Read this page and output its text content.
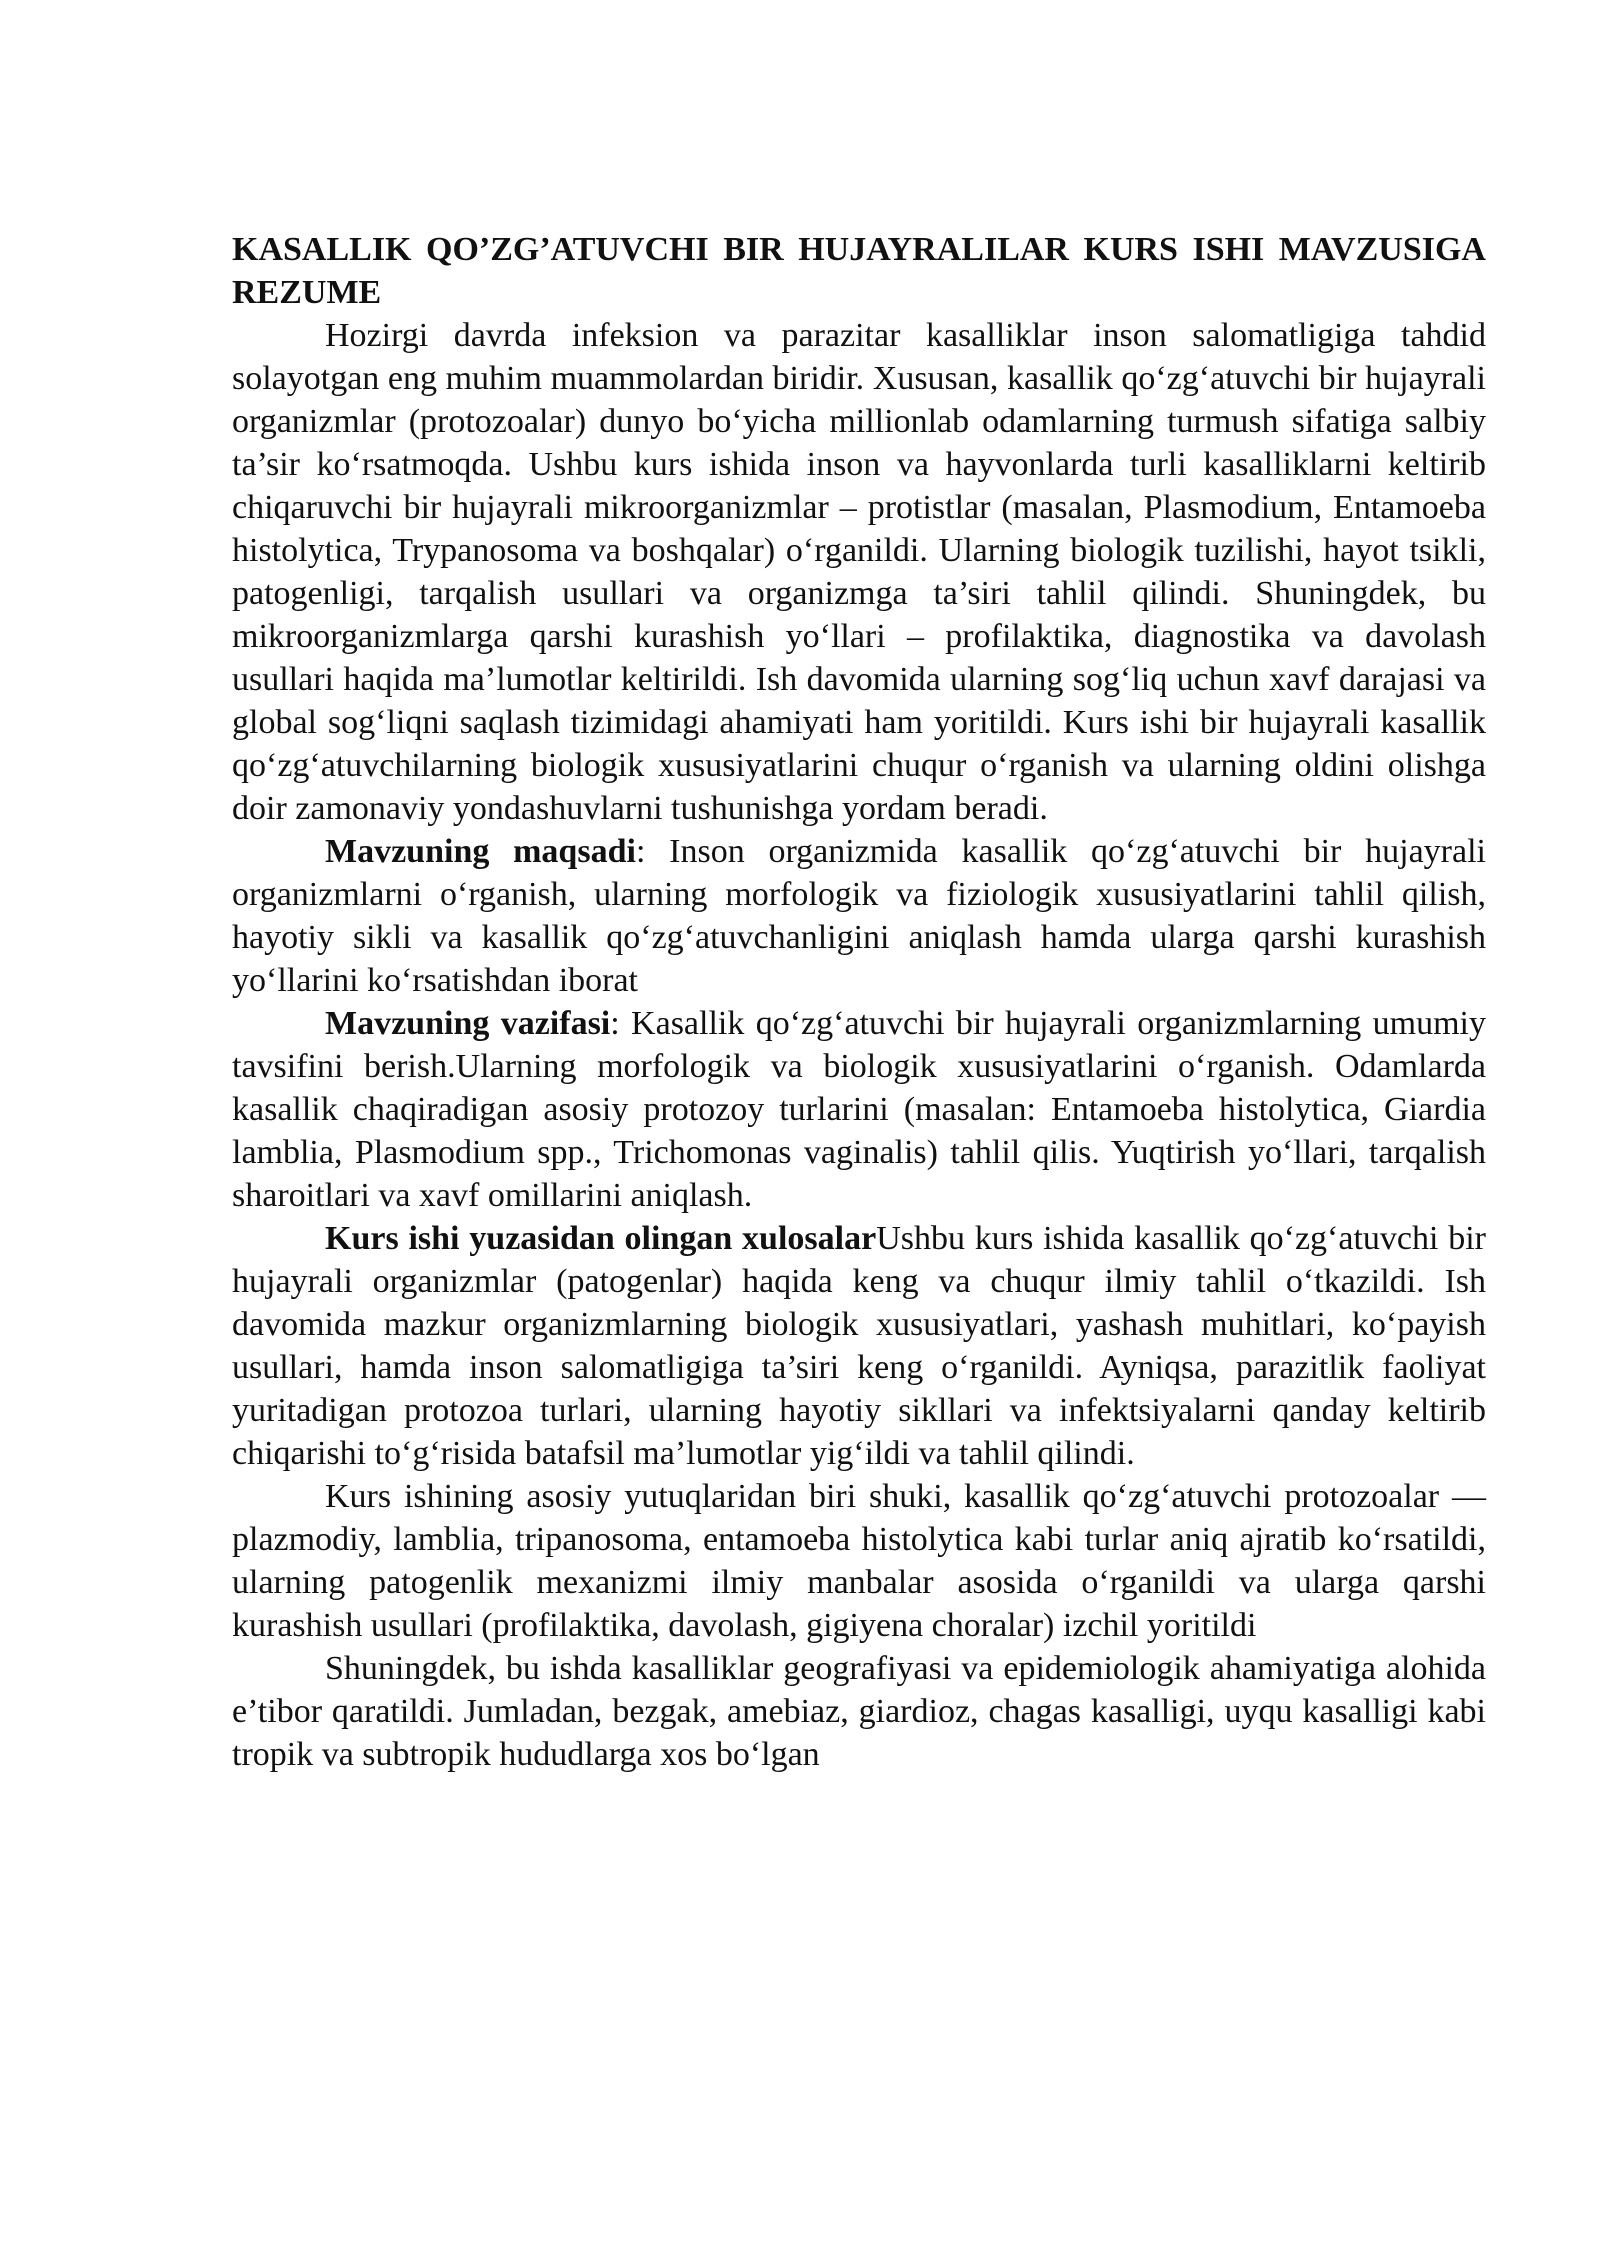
KASALLIK QO’ZG’ATUVCHI BIR HUJAYRALILAR KURS ISHI MAVZUSIGA REZUME

Hozirgi davrda infeksion va parazitar kasalliklar inson salomatligiga tahdid solayotgan eng muhim muammolardan biridir. Xususan, kasallik qo‘zg‘atuvchi bir hujayrali organizmlar (protozoalar) dunyo bo‘yicha millionlab odamlarning turmush sifatiga salbiy ta’sir ko‘rsatmoqda. Ushbu kurs ishida inson va hayvonlarda turli kasalliklarni keltirib chiqaruvchi bir hujayrali mikroorganizmlar – protistlar (masalan, Plasmodium, Entamoeba histolytica, Trypanosoma va boshqalar) o‘rganildi. Ularning biologik tuzilishi, hayot tsikli, patogenligi, tarqalish usullari va organizmga ta’siri tahlil qilindi. Shuningdek, bu mikroorganizmlarga qarshi kurashish yo‘llari – profilaktika, diagnostika va davolash usullari haqida ma’lumotlar keltirildi. Ish davomida ularning sog‘liq uchun xavf darajasi va global sog‘liqni saqlash tizimidagi ahamiyati ham yoritildi. Kurs ishi bir hujayrali kasallik qo‘zg‘atuvchilarning biologik xususiyatlarini chuqur o‘rganish va ularning oldini olishga doir zamonaviy yondashuvlarni tushunishga yordam beradi.

Mavzuning maqsadi: Inson organizmida kasallik qo‘zg‘atuvchi bir hujayrali organizmlarni o‘rganish, ularning morfologik va fiziologik xususiyatlarini tahlil qilish, hayotiy sikli va kasallik qo‘zg‘atuvchanligini aniqlash hamda ularga qarshi kurashish yo‘llarini ko‘rsatishdan iborat

Mavzuning vazifasi: Kasallik qo‘zg‘atuvchi bir hujayrali organizmlarning umumiy tavsifini berish.Ularning morfologik va biologik xususiyatlarini o‘rganish. Odamlarda kasallik chaqiradigan asosiy protozoy turlarini (masalan: Entamoeba histolytica, Giardia lamblia, Plasmodium spp., Trichomonas vaginalis) tahlil qilis. Yuqtirish yo‘llari, tarqalish sharoitlari va xavf omillarini aniqlash.

Kurs ishi yuzasidan olingan xulosalarUshbu kurs ishida kasallik qo‘zg‘atuvchi bir hujayrali organizmlar (patogenlar) haqida keng va chuqur ilmiy tahlil o‘tkazildi. Ish davomida mazkur organizmlarning biologik xususiyatlari, yashash muhitlari, ko‘payish usullari, hamda inson salomatligiga ta’siri keng o‘rganildi. Ayniqsa, parazitlik faoliyat yuritadigan protozoa turlari, ularning hayotiy sikllari va infektsiyalarni qanday keltirib chiqarishi to‘g‘risida batafsil ma’lumotlar yig‘ildi va tahlil qilindi.

Kurs ishining asosiy yutuqlaridan biri shuki, kasallik qo‘zg‘atuvchi protozoalar — plazmodiy, lamblia, tripanosoma, entamoeba histolytica kabi turlar aniq ajratib ko‘rsatildi, ularning patogenlik mexanizmi ilmiy manbalar asosida o‘rganildi va ularga qarshi kurashish usullari (profilaktika, davolash, gigiyena choralar) izchil yoritildi

Shuningdek, bu ishda kasalliklar geografiyasi va epidemiologik ahamiyatiga alohida e’tibor qaratildi. Jumladan, bezgak, amebiaz, giardioz, chagas kasalligi, uyqu kasalligi kabi tropik va subtropik hududlarga xos bo‘lgan
